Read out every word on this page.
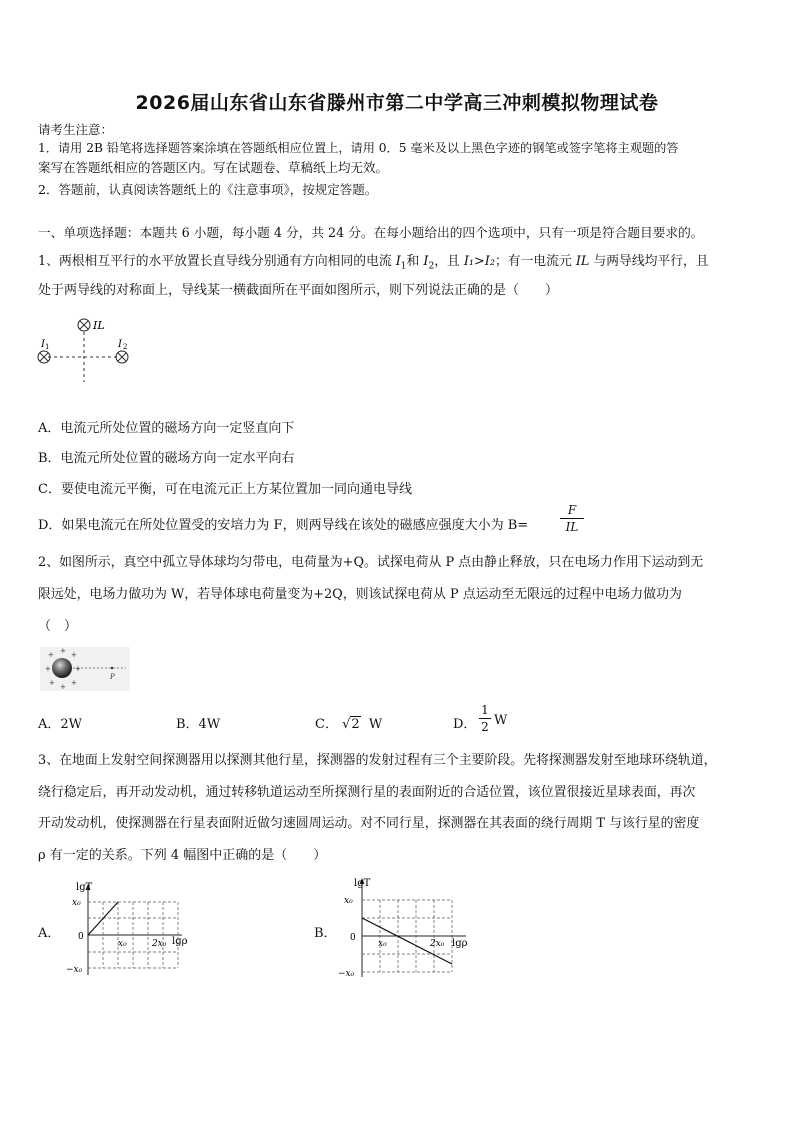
2026届山东省山东省滕州市第二中学高三冲刺模拟物理试卷
请考生注意：
1．请用 2B 铅笔将选择题答案涂填在答题纸相应位置上，请用 0．5 毫米及以上黑色字迹的钢笔或签字笔将主观题的答
案写在答题纸相应的答题区内。写在试题卷、草稿纸上均无效。
2．答题前，认真阅读答题纸上的《注意事项》，按规定答题。
一、单项选择题：本题共 6 小题，每小题 4 分，共 24 分。在每小题给出的四个选项中，只有一项是符合题目要求的。
1、两根相互平行的水平放置长直导线分别通有方向相同的电流 $I_1$和 $I_2$，且 I₁>I₂；有一电流元 IL 与两导线均平行，且
处于两导线的对称面上，导线某一横截面所在平面如图所示，则下列说法正确的是（　　）
IL
I 1	I 2
A．电流元所处位置的磁场方向一定竖直向下
B．电流元所处位置的磁场方向一定水平向右
C．要使电流元平衡，可在电流元正上方某位置加一同向通电导线
D．如果电流元在所处位置受的安培力为 F，则两导线在该处的磁感应强度大小为 B=	$\frac{F}{IL}$
2、如图所示，真空中孤立导体球均匀带电，电荷量为+Q。试探电荷从 P 点由静止释放，只在电场力作用下运动到无
限远处，电场力做功为 W，若导体球电荷量变为+2Q，则该试探电荷从 P 点运动至无限远的过程中电场力做功为
（　）
+ + +
+	+
+ + +
P
A．2W	B．4W	C． √2 W	D． $\frac{1}{2}$ W
3、在地面上发射空间探测器用以探测其他行星，探测器的发射过程有三个主要阶段。先将探测器发射至地球环绕轨道，
绕行稳定后，再开动发动机，通过转移轨道运动至所探测行星的表面附近的合适位置，该位置很接近星球表面，再次
开动发动机，使探测器在行星表面附近做匀速圆周运动。对不同行星，探测器在其表面的绕行周期 T 与该行星的密度
ρ 有一定的关系。下列 4 幅图中正确的是（　　）
A．
lgT
x₀
0
−x₀
x₀	2x₀ lgρ
B．
lgT
x₀
0
−x₀
x₀	2x₀ lgρ
